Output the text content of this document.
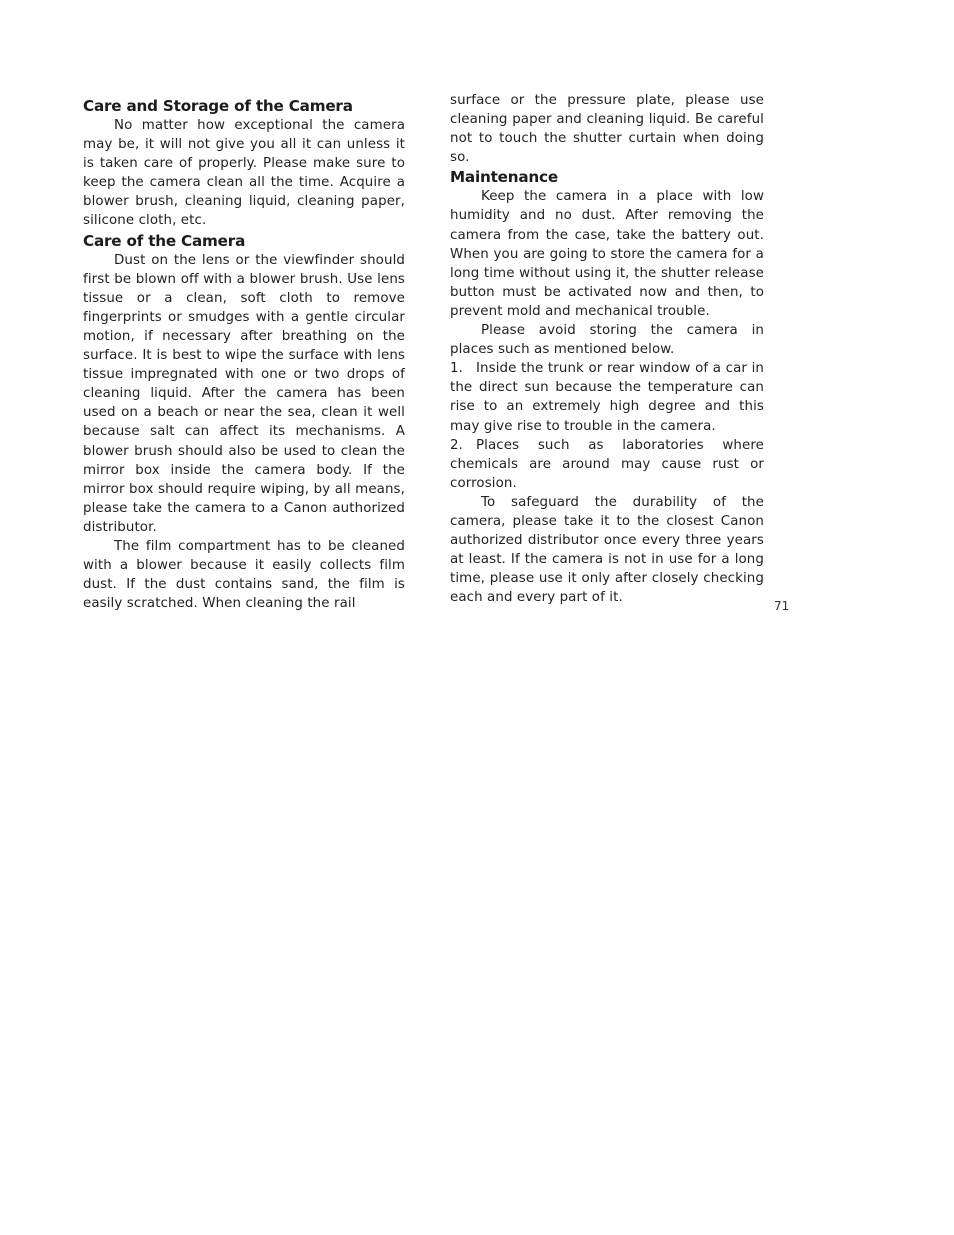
Care and Storage of the Camera

No matter how exceptional the camera may be, it will not give you all it can unless it is taken care of properly. Please make sure to keep the camera clean all the time. Acquire a blower brush, cleaning liquid, cleaning paper, silicone cloth, etc.

Care of the Camera

Dust on the lens or the viewfinder should first be blown off with a blower brush. Use lens tissue or a clean, soft cloth to remove fingerprints or smudges with a gentle circular motion, if necessary after breathing on the surface. It is best to wipe the surface with lens tissue impregnated with one or two drops of cleaning liquid. After the camera has been used on a beach or near the sea, clean it well because salt can affect its mechanisms. A blower brush should also be used to clean the mirror box inside the camera body. If the mirror box should require wiping, by all means, please take the camera to a Canon authorized distributor.

The film compartment has to be cleaned with a blower because it easily collects film dust. If the dust contains sand, the film is easily scratched. When cleaning the rail

surface or the pressure plate, please use cleaning paper and cleaning liquid. Be careful not to touch the shutter curtain when doing so.

Maintenance

Keep the camera in a place with low humidity and no dust. After removing the camera from the case, take the battery out. When you are going to store the camera for a long time without using it, the shutter release button must be activated now and then, to prevent mold and mechanical trouble.

Please avoid storing the camera in places such as mentioned below.

1. Inside the trunk or rear window of a car in the direct sun because the temperature can rise to an extremely high degree and this may give rise to trouble in the camera.

2. Places such as laboratories where chemicals are around may cause rust or corrosion.

To safeguard the durability of the camera, please take it to the closest Canon authorized distributor once every three years at least. If the camera is not in use for a long time, please use it only after closely checking each and every part of it.

71
